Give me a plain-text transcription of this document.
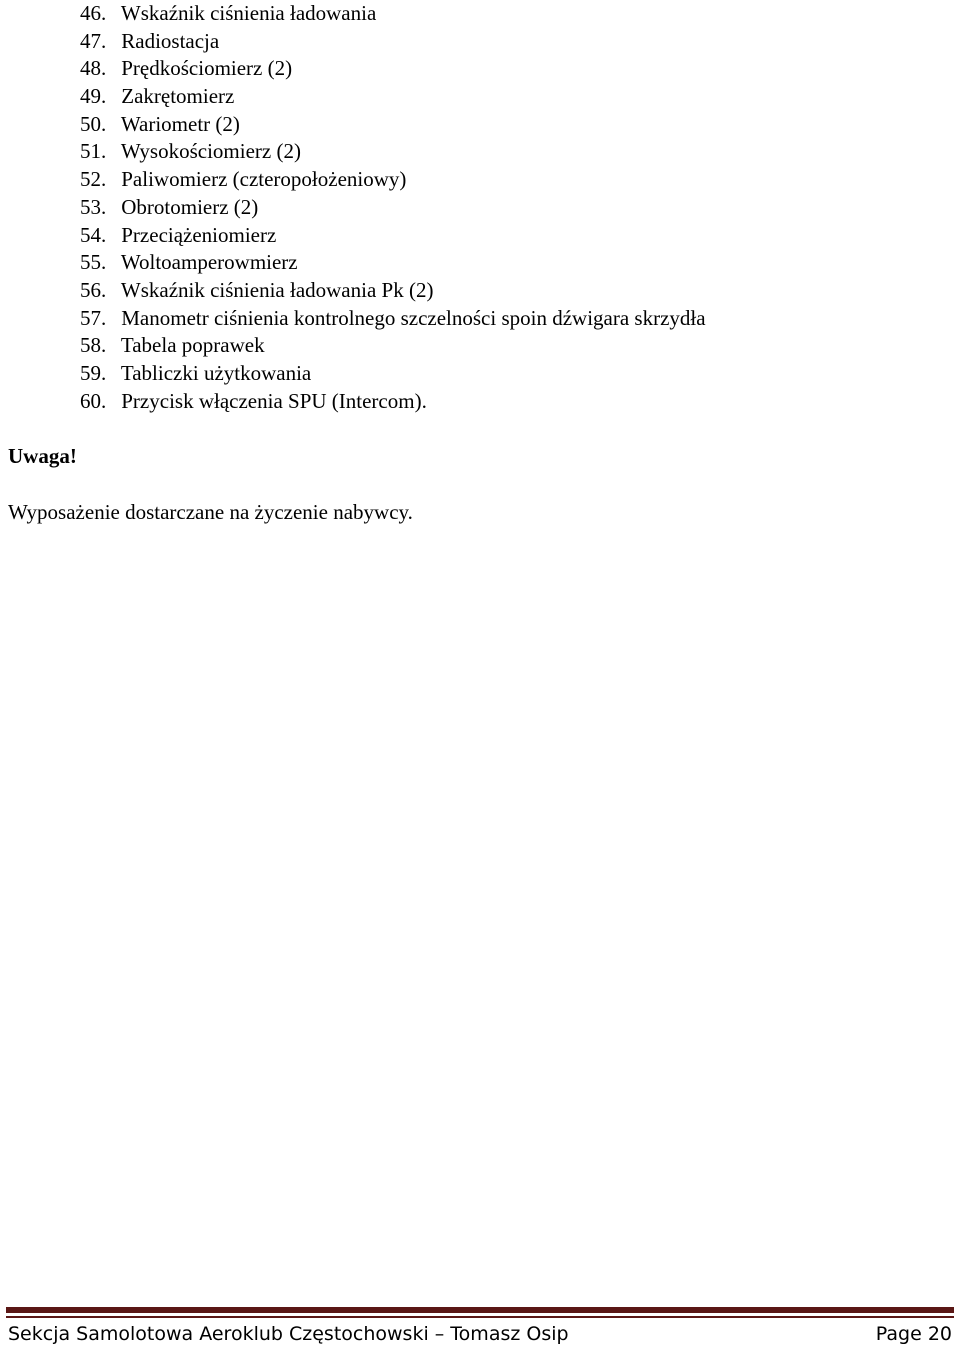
46. Wskaźnik ciśnienia ładowania
47. Radiostacja
48. Prędkościomierz (2)
49. Zakrętomierz
50. Wariometr (2)
51. Wysokościomierz (2)
52. Paliwomierz (czteropołożeniowy)
53. Obrotomierz (2)
54. Przeciążeniomierz
55. Woltoamperowmierz
56. Wskaźnik ciśnienia ładowania Pk (2)
57. Manometr ciśnienia kontrolnego szczelności spoin dźwigara skrzydła
58. Tabela poprawek
59. Tabliczki użytkowania
60. Przycisk włączenia SPU (Intercom).
Uwaga!
Wyposażenie dostarczane na życzenie nabywcy.
Sekcja Samolotowa Aeroklub Częstochowski – Tomasz Osip	Page 20
